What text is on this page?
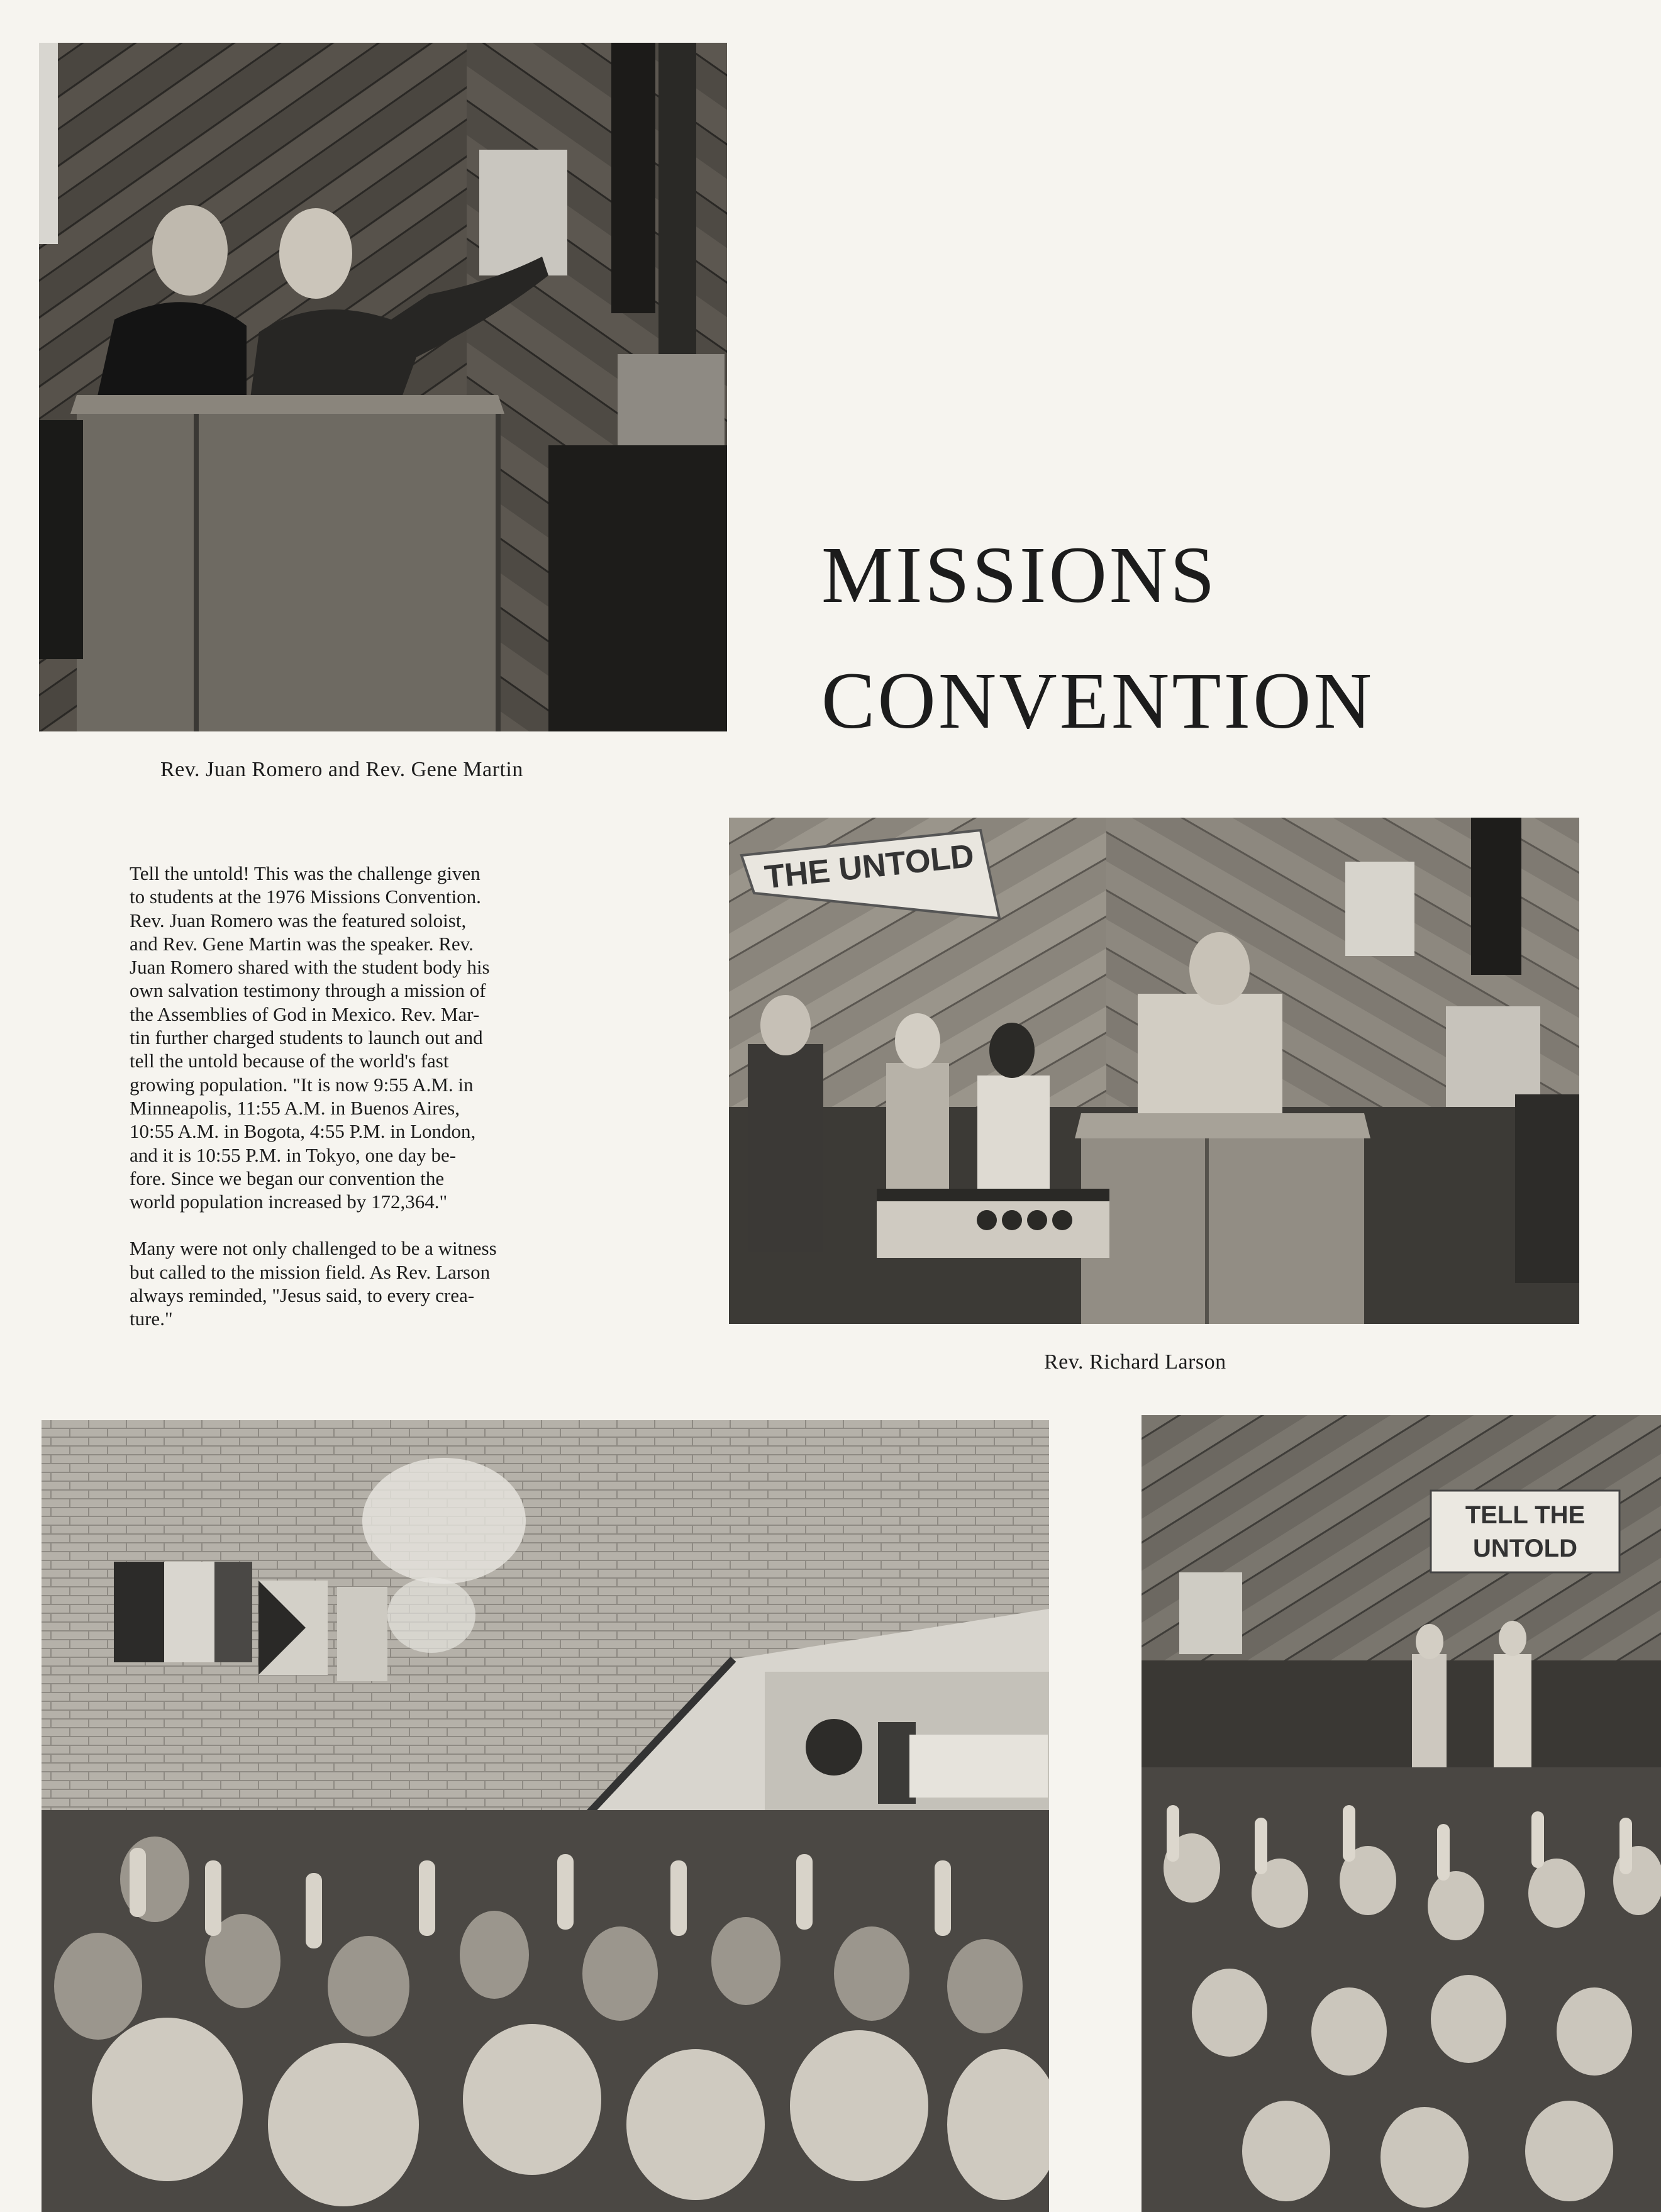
MISSIONS
CONVENTION
Rev. Juan Romero and Rev. Gene Martin

Tell the untold! This was the challenge given
to students at the 1976 Missions Convention.
Rev. Juan Romero was the featured soloist,
and Rev. Gene Martin was the speaker. Rev.
Juan Romero shared with the student body his
own salvation testimony through a mission of
the Assemblies of God in Mexico. Rev. Mar-
tin further charged students to launch out and
tell the untold because of the world's fast
growing population. "It is now 9:55 A.M. in
Minneapolis, 11:55 A.M. in Buenos Aires,
10:55 A.M. in Bogota, 4:55 P.M. in London,
and it is 10:55 P.M. in Tokyo, one day be-
fore. Since we began our convention the
world population increased by 172,364."

Many were not only challenged to be a witness
but called to the mission field. As Rev. Larson
always reminded, "Jesus said, to every crea-
ture."

THE UNTOLD
Rev. Richard Larson
TELL THE
UNTOLD
